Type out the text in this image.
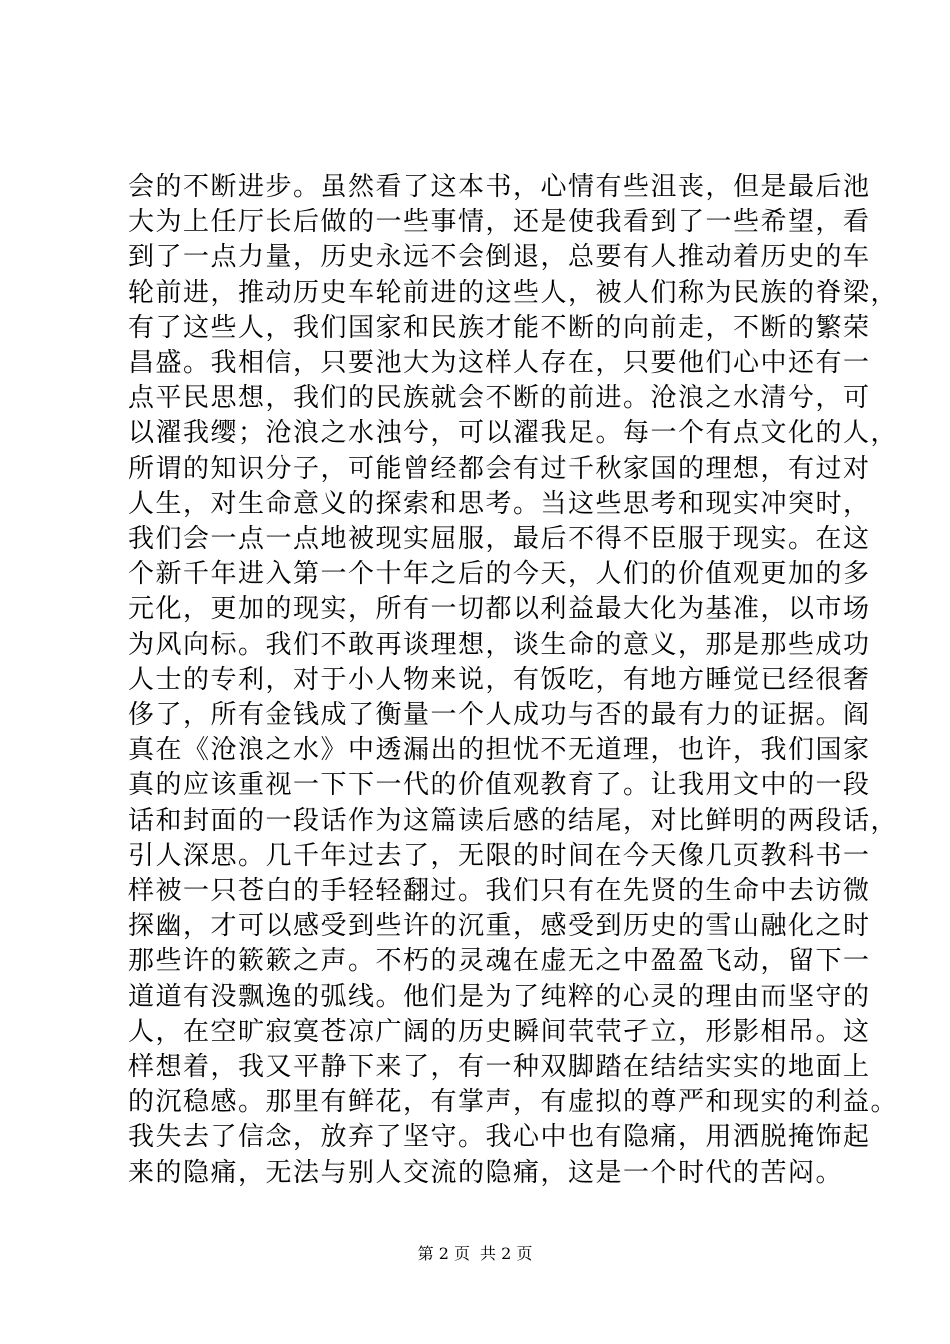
会的不断进步。虽然看了这本书，心情有些沮丧，但是最后池
大为上任厅长后做的一些事情，还是使我看到了一些希望，看
到了一点力量，历史永远不会倒退，总要有人推动着历史的车
轮前进，推动历史车轮前进的这些人，被人们称为民族的脊梁，
有了这些人，我们国家和民族才能不断的向前走，不断的繁荣
昌盛。我相信，只要池大为这样人存在，只要他们心中还有一
点平民思想，我们的民族就会不断的前进。沧浪之水清兮，可
以濯我缨；沧浪之水浊兮，可以濯我足。每一个有点文化的人，
所谓的知识分子，可能曾经都会有过千秋家国的理想，有过对
人生，对生命意义的探索和思考。当这些思考和现实冲突时，
我们会一点一点地被现实屈服，最后不得不臣服于现实。在这
个新千年进入第一个十年之后的今天，人们的价值观更加的多
元化，更加的现实，所有一切都以利益最大化为基准，以市场
为风向标。我们不敢再谈理想，谈生命的意义，那是那些成功
人士的专利，对于小人物来说，有饭吃，有地方睡觉已经很奢
侈了，所有金钱成了衡量一个人成功与否的最有力的证据。阎
真在《沧浪之水》中透漏出的担忧不无道理，也许，我们国家
真的应该重视一下下一代的价值观教育了。让我用文中的一段
话和封面的一段话作为这篇读后感的结尾，对比鲜明的两段话，
引人深思。几千年过去了，无限的时间在今天像几页教科书一
样被一只苍白的手轻轻翻过。我们只有在先贤的生命中去访微
探幽，才可以感受到些许的沉重，感受到历史的雪山融化之时
那些许的簌簌之声。不朽的灵魂在虚无之中盈盈飞动，留下一
道道有没飘逸的弧线。他们是为了纯粹的心灵的理由而坚守的
人，在空旷寂寞苍凉广阔的历史瞬间茕茕孑立，形影相吊。这
样想着，我又平静下来了，有一种双脚踏在结结实实的地面上
的沉稳感。那里有鲜花，有掌声，有虚拟的尊严和现实的利益。
我失去了信念，放弃了坚守。我心中也有隐痛，用洒脱掩饰起
来的隐痛，无法与别人交流的隐痛，这是一个时代的苦闷。
第 2 页 共 2 页
